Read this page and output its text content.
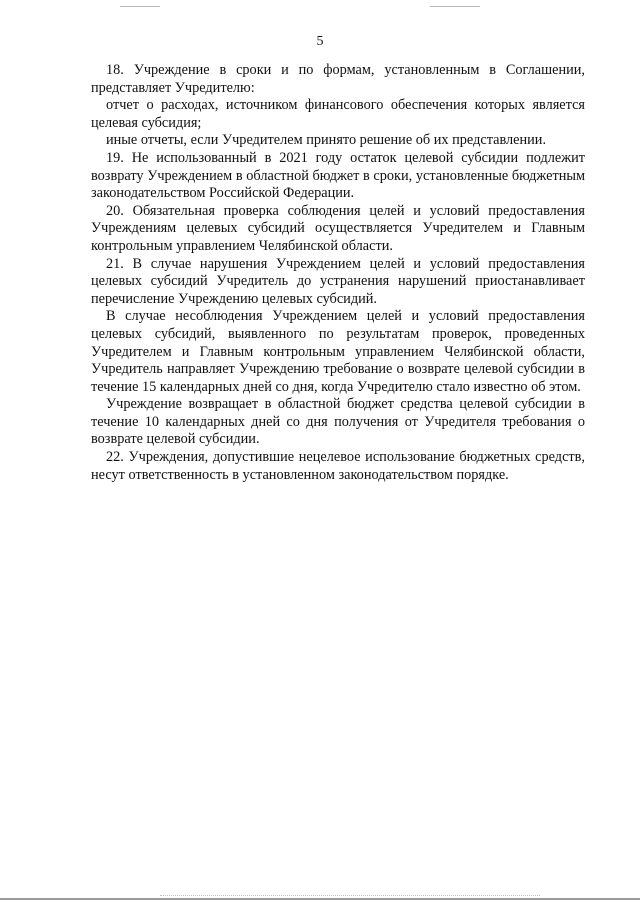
5

18. Учреждение в сроки и по формам, установленным в Соглашении, представляет Учредителю:

отчет о расходах, источником финансового обеспечения которых является целевая субсидия;

иные отчеты, если Учредителем принято решение об их представлении.

19. Не использованный в 2021 году остаток целевой субсидии подлежит возврату Учреждением в областной бюджет в сроки, установленные бюджетным законодательством Российской Федерации.

20. Обязательная проверка соблюдения целей и условий предоставления Учреждениям целевых субсидий осуществляется Учредителем и Главным контрольным управлением Челябинской области.

21. В случае нарушения Учреждением целей и условий предоставления целевых субсидий Учредитель до устранения нарушений приостанавливает перечисление Учреждению целевых субсидий.

В случае несоблюдения Учреждением целей и условий предоставления целевых субсидий, выявленного по результатам проверок, проведенных Учредителем и Главным контрольным управлением Челябинской области, Учредитель направляет Учреждению требование о возврате целевой субсидии в течение 15 календарных дней со дня, когда Учредителю стало известно об этом.

Учреждение возвращает в областной бюджет средства целевой субсидии в течение 10 календарных дней со дня получения от Учредителя требования о возврате целевой субсидии.

22. Учреждения, допустившие нецелевое использование бюджетных средств, несут ответственность в установленном законодательством порядке.
